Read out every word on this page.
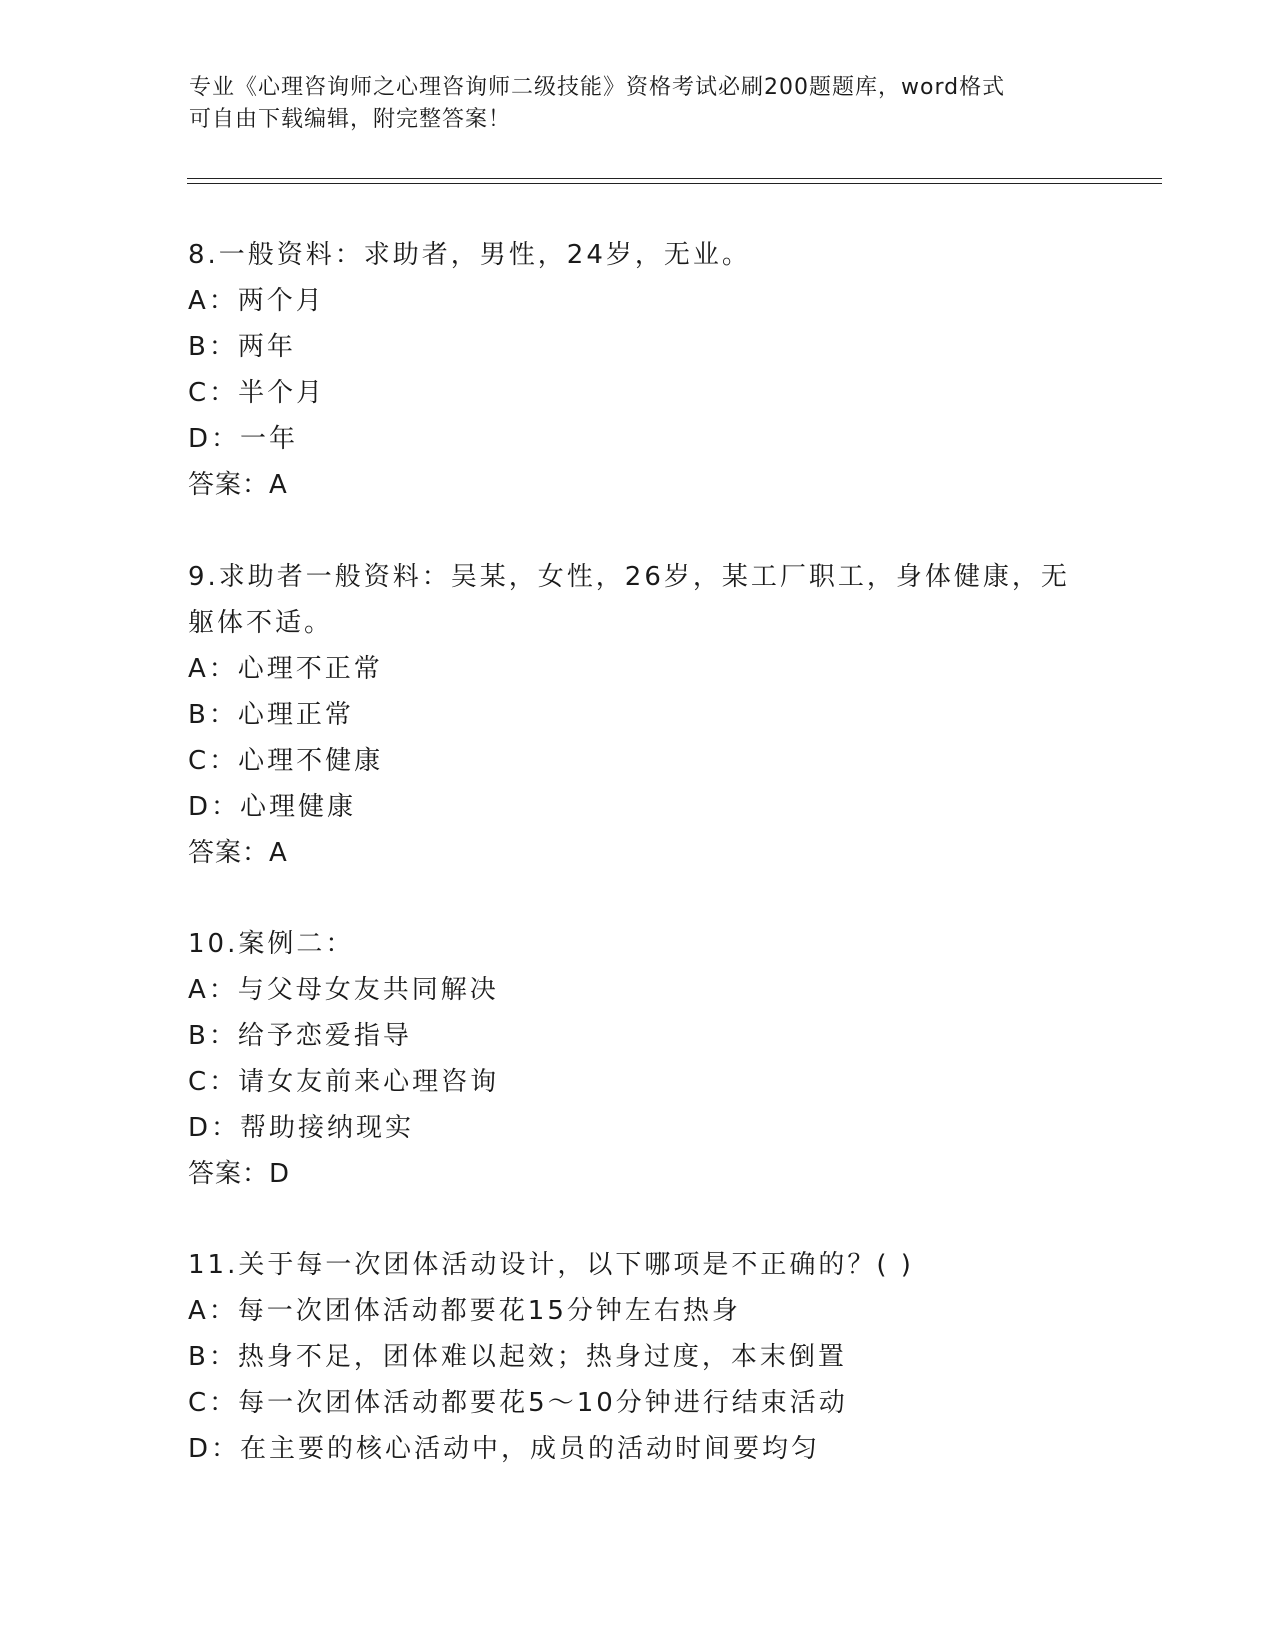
专业《心理咨询师之心理咨询师二级技能》资格考试必刷200题题库，word格式
可自由下载编辑，附完整答案！
8.一般资料：求助者，男性，24岁，无业。
A：两个月
B：两年
C：半个月
D：一年
答案：A
9.求助者一般资料：吴某，女性，26岁，某工厂职工，身体健康，无
躯体不适。
A：心理不正常
B：心理正常
C：心理不健康
D：心理健康
答案：A
10.案例二：
A：与父母女友共同解决
B：给予恋爱指导
C：请女友前来心理咨询
D：帮助接纳现实
答案：D
11.关于每一次团体活动设计，以下哪项是不正确的？( )
A：每一次团体活动都要花15分钟左右热身
B：热身不足，团体难以起效；热身过度，本末倒置
C：每一次团体活动都要花5～10分钟进行结束活动
D：在主要的核心活动中，成员的活动时间要均匀
